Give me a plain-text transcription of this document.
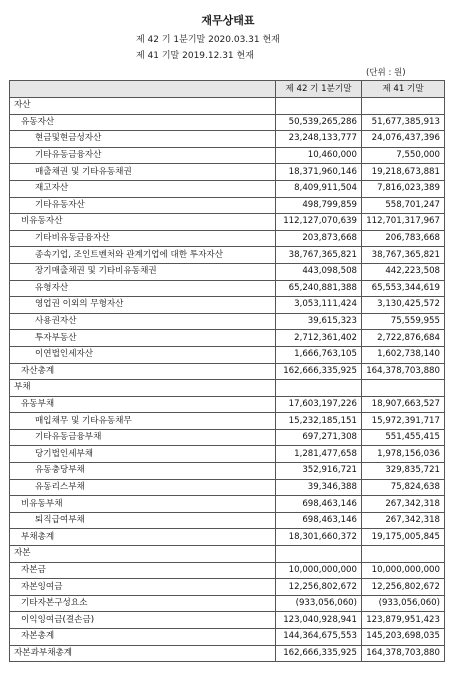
재무상태표
제 42 기 1분기말 2020.03.31 현재
제 41 기말 2019.12.31 현재
(단위 : 원)
	제 42 기 1분기말	제 41 기말
자산		
유동자산	50,539,265,286	51,677,385,913
현금및현금성자산	23,248,133,777	24,076,437,396
기타유동금융자산	10,460,000	7,550,000
매출채권 및 기타유동채권	18,371,960,146	19,218,673,881
재고자산	8,409,911,504	7,816,023,389
기타유동자산	498,799,859	558,701,247
비유동자산	112,127,070,639	112,701,317,967
기타비유동금융자산	203,873,668	206,783,668
종속기업, 조인트벤처와 관계기업에 대한 투자자산	38,767,365,821	38,767,365,821
장기매출채권 및 기타비유동채권	443,098,508	442,223,508
유형자산	65,240,881,388	65,553,344,619
영업권 이외의 무형자산	3,053,111,424	3,130,425,572
사용권자산	39,615,323	75,559,955
투자부동산	2,712,361,402	2,722,876,684
이연법인세자산	1,666,763,105	1,602,738,140
자산총계	162,666,335,925	164,378,703,880
부채		
유동부채	17,603,197,226	18,907,663,527
매입채무 및 기타유동채무	15,232,185,151	15,972,391,717
기타유동금융부채	697,271,308	551,455,415
당기법인세부채	1,281,477,658	1,978,156,036
유동충당부채	352,916,721	329,835,721
유동리스부채	39,346,388	75,824,638
비유동부채	698,463,146	267,342,318
퇴직급여부채	698,463,146	267,342,318
부채총계	18,301,660,372	19,175,005,845
자본		
자본금	10,000,000,000	10,000,000,000
자본잉여금	12,256,802,672	12,256,802,672
기타자본구성요소	(933,056,060)	(933,056,060)
이익잉여금(결손금)	123,040,928,941	123,879,951,423
자본총계	144,364,675,553	145,203,698,035
자본과부채총계	162,666,335,925	164,378,703,880
